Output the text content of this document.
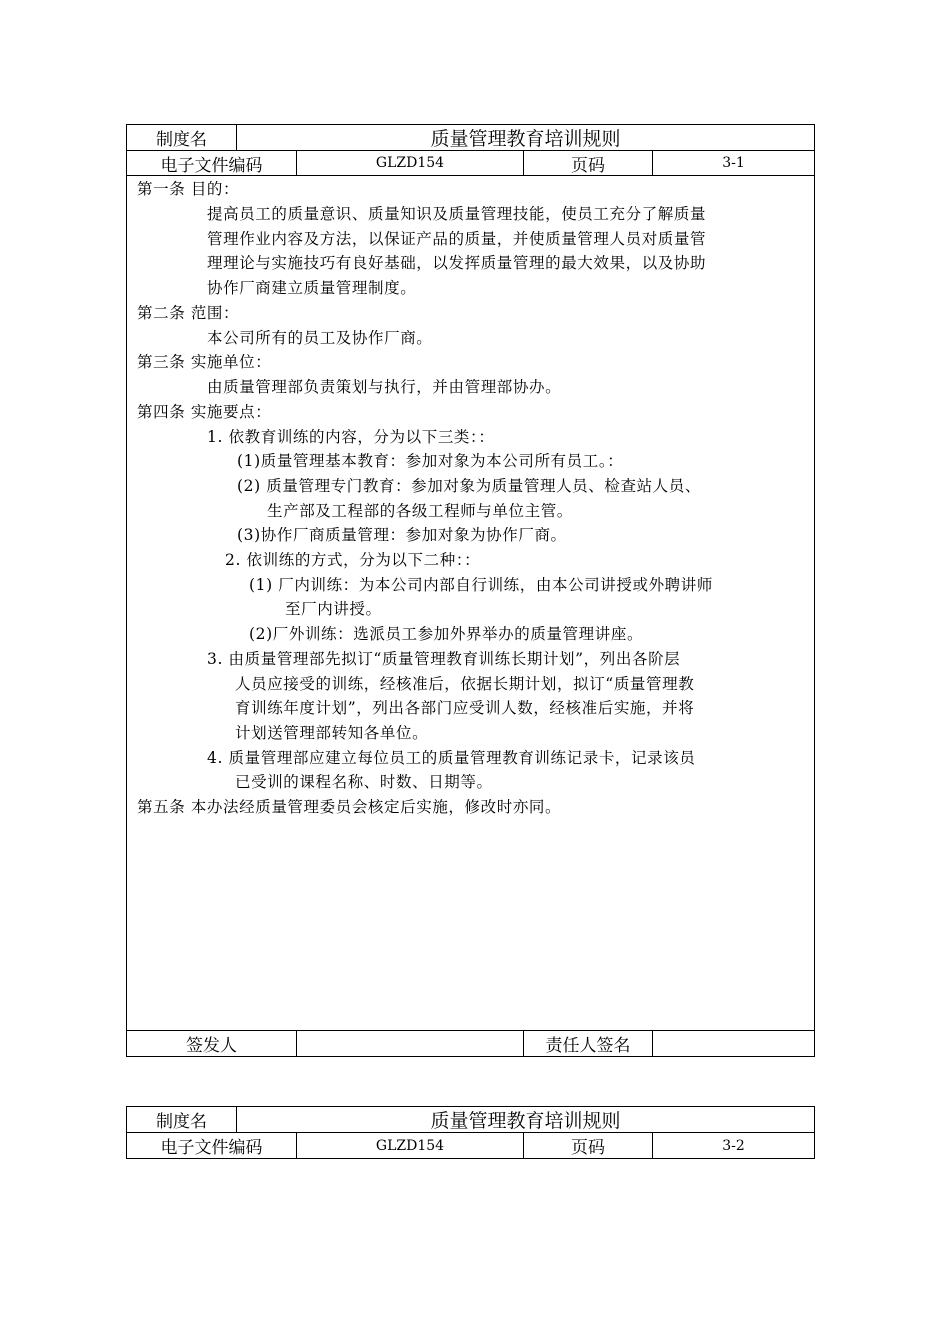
制度名	质量管理教育培训规则
电子文件编码	GLZD154	页码	3-1
第一条 目的：
提高员工的质量意识、质量知识及质量管理技能，使员工充分了解质量
管理作业内容及方法，以保证产品的质量，并使质量管理人员对质量管
理理论与实施技巧有良好基础，以发挥质量管理的最大效果，以及协助
协作厂商建立质量管理制度。
第二条 范围：
本公司所有的员工及协作厂商。
第三条 实施单位：
由质量管理部负责策划与执行，并由管理部协办。
第四条 实施要点：
1. 依教育训练的内容，分为以下三类：：
(1)质量管理基本教育：参加对象为本公司所有员工。：
(2) 质量管理专门教育：参加对象为质量管理人员、检查站人员、
生产部及工程部的各级工程师与单位主管。
(3)协作厂商质量管理：参加对象为协作厂商。
2. 依训练的方式，分为以下二种：：
(1) 厂内训练：为本公司内部自行训练，由本公司讲授或外聘讲师
至厂内讲授。
(2)厂外训练：选派员工参加外界举办的质量管理讲座。
3. 由质量管理部先拟订“质量管理教育训练长期计划”，列出各阶层
人员应接受的训练，经核准后，依据长期计划，拟订“质量管理教
育训练年度计划”，列出各部门应受训人数，经核准后实施，并将
计划送管理部转知各单位。
4. 质量管理部应建立每位员工的质量管理教育训练记录卡，记录该员
已受训的课程名称、时数、日期等。
第五条 本办法经质量管理委员会核定后实施，修改时亦同。
签发人	责任人签名
制度名	质量管理教育培训规则
电子文件编码	GLZD154	页码	3-2
